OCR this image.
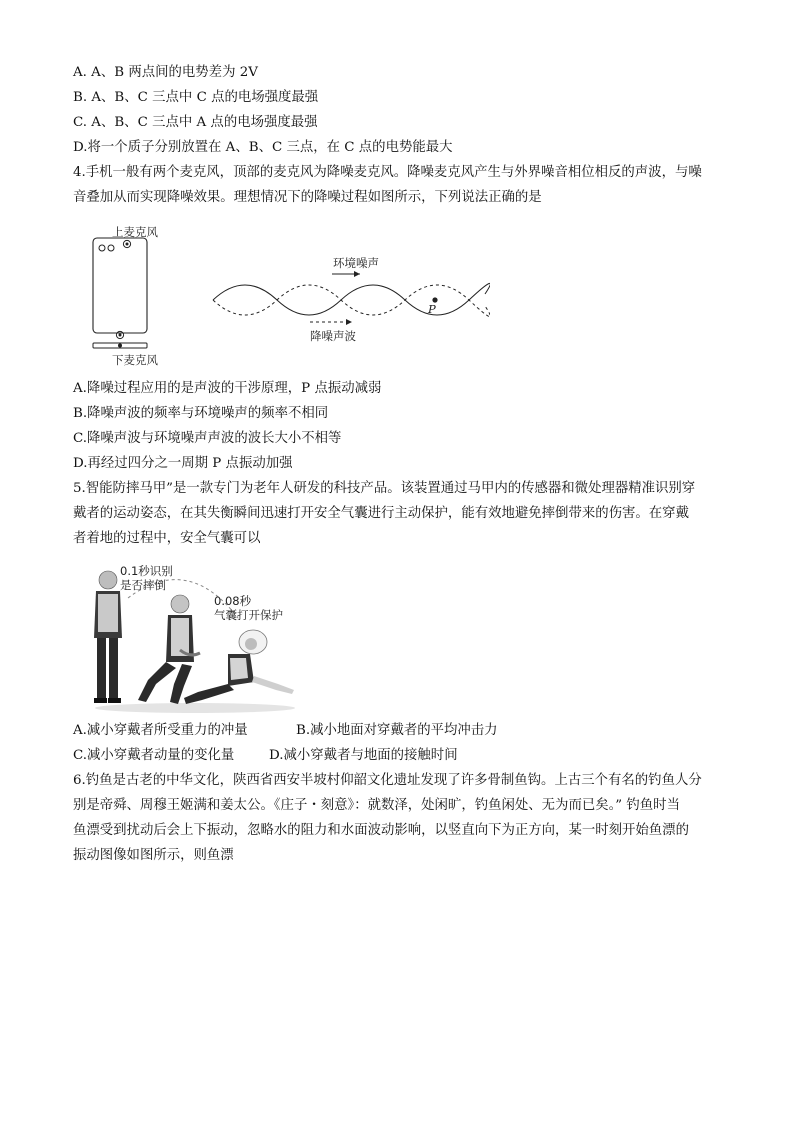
A. A、B 两点间的电势差为 2V
B. A、B、C 三点中 C 点的电场强度最强
C. A、B、C 三点中 A 点的电场强度最强
D.将一个质子分别放置在 A、B、C 三点，在 C 点的电势能最大
4.手机一般有两个麦克风，顶部的麦克风为降噪麦克风。降噪麦克风产生与外界噪音相位相反的声波，与噪
音叠加从而实现降噪效果。理想情况下的降噪过程如图所示，下列说法正确的是
上麦克风
下麦克风
环境噪声
降噪声波
P
A.降噪过程应用的是声波的干涉原理，P 点振动减弱
B.降噪声波的频率与环境噪声的频率不相同
C.降噪声波与环境噪声声波的波长大小不相等
D.再经过四分之一周期 P 点振动加强
5.智能防摔马甲”是一款专门为老年人研发的科技产品。该装置通过马甲内的传感器和微处理器精准识别穿
戴者的运动姿态，在其失衡瞬间迅速打开安全气囊进行主动保护，能有效地避免摔倒带来的伤害。在穿戴
者着地的过程中，安全气囊可以
0.1秒识别
是否摔倒
0.08秒
气囊打开保护
A.减小穿戴者所受重力的冲量	B.减小地面对穿戴者的平均冲击力
C.减小穿戴者动量的变化量	D.减小穿戴者与地面的接触时间
6.钓鱼是古老的中华文化，陕西省西安半坡村仰韶文化遗址发现了许多骨制鱼钩。上古三个有名的钓鱼人分
别是帝舜、周穆王姬满和姜太公。《庄子・刻意》：就数泽，处闲旷，钓鱼闲处、无为而已矣。” 钓鱼时当
鱼漂受到扰动后会上下振动，忽略水的阻力和水面波动影响，以竖直向下为正方向，某一时刻开始鱼漂的
振动图像如图所示，则鱼漂
